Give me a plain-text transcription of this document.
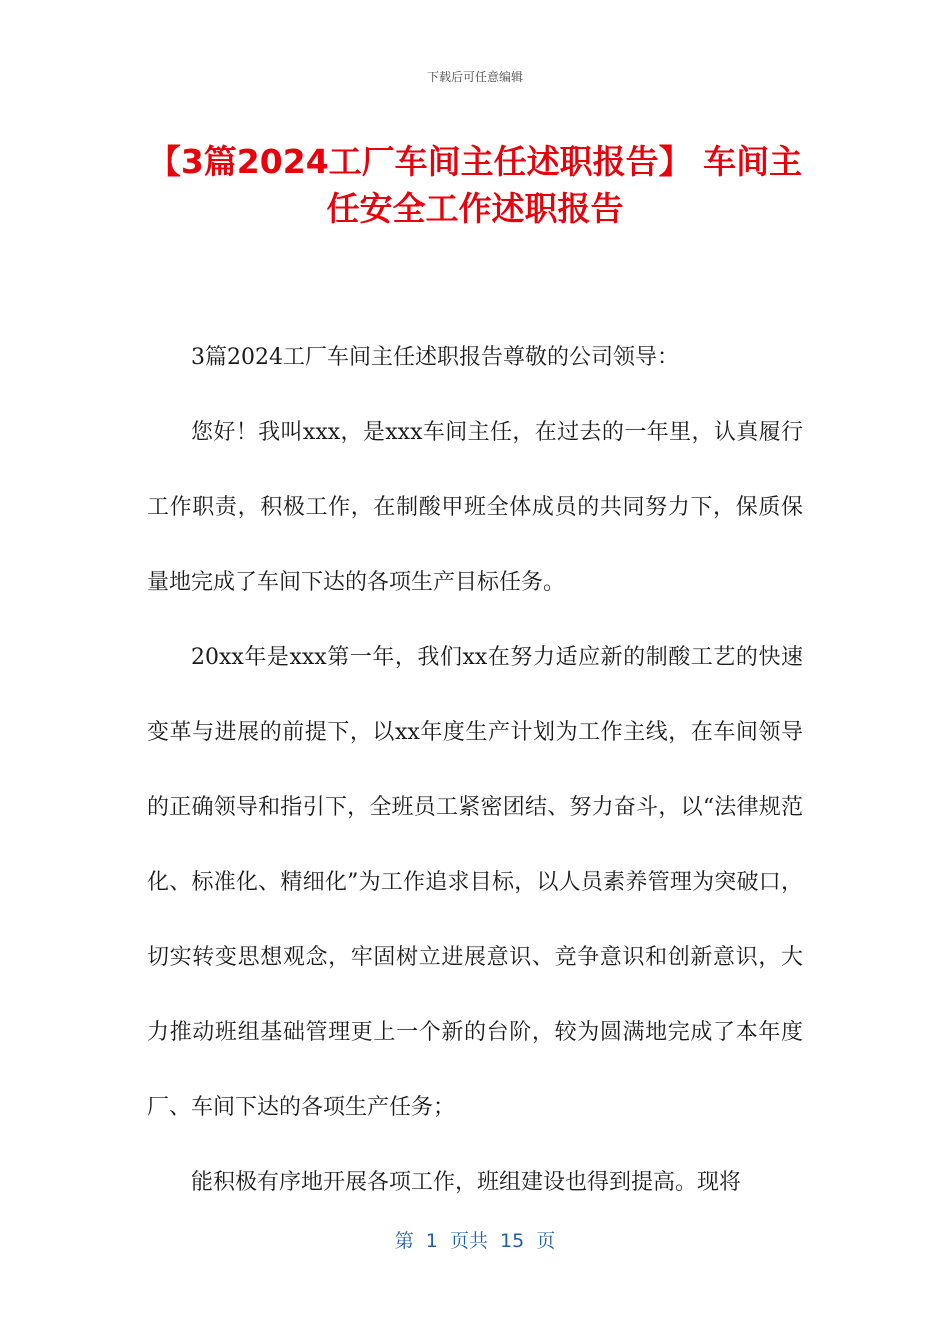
下载后可任意编辑
【3篇2024工厂车间主任述职报告】 车间主任安全工作述职报告

3篇2024工厂车间主任述职报告尊敬的公司领导：

您好！我叫xxx，是xxx车间主任，在过去的一年里，认真履行工作职责，积极工作，在制酸甲班全体成员的共同努力下，保质保量地完成了车间下达的各项生产目标任务。

20xx年是xxx第一年，我们xx在努力适应新的制酸工艺的快速变革与进展的前提下，以xx年度生产计划为工作主线，在车间领导的正确领导和指引下，全班员工紧密团结、努力奋斗，以“法律规范化、标准化、精细化”为工作追求目标，以人员素养管理为突破口，切实转变思想观念，牢固树立进展意识、竞争意识和创新意识，大力推动班组基础管理更上一个新的台阶，较为圆满地完成了本年度厂、车间下达的各项生产任务；

能积极有序地开展各项工作，班组建设也得到提高。现将

第  1  页共  15  页
